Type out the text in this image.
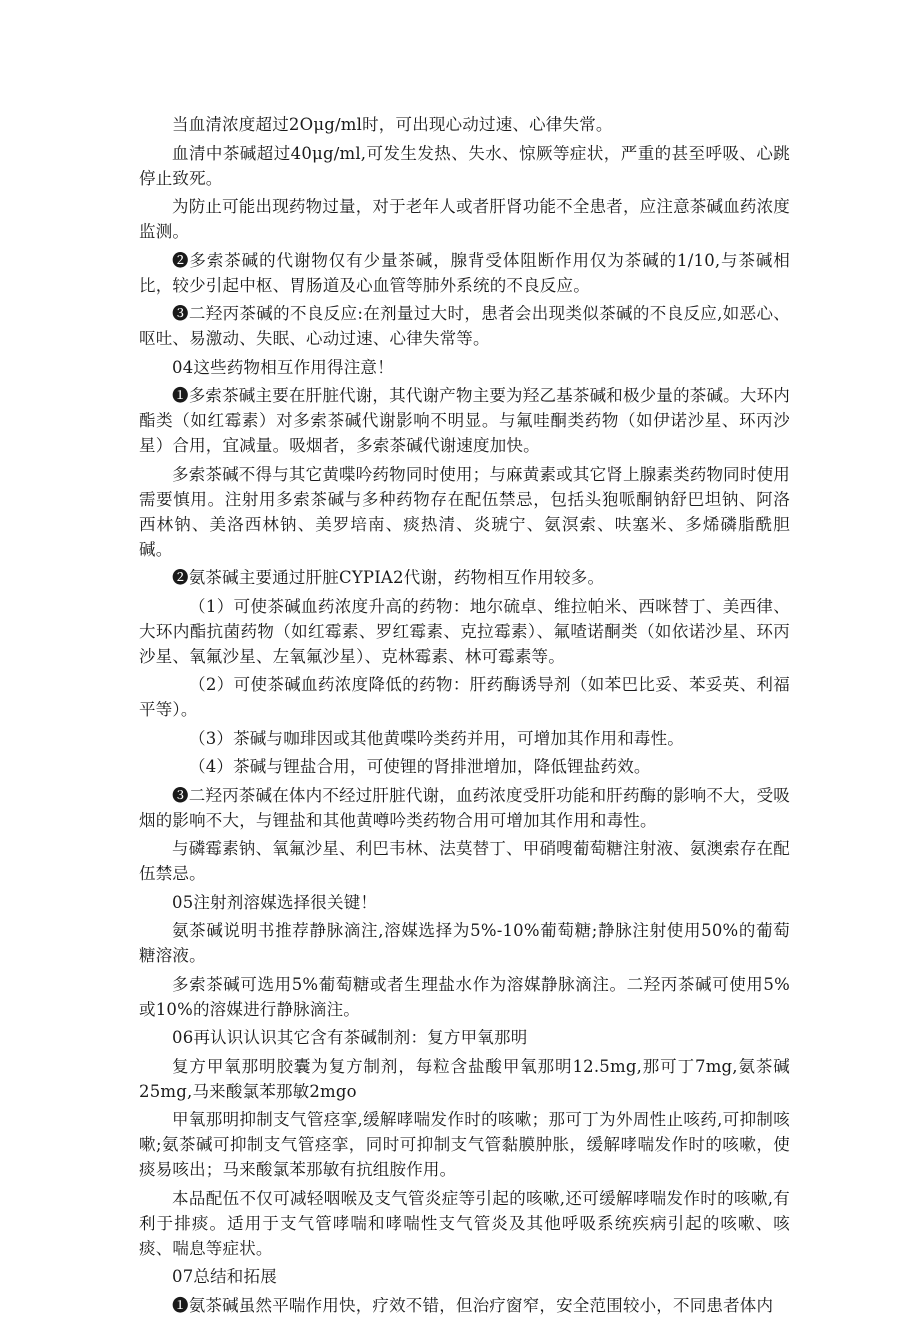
当血清浓度超过2Oμg∕ml时，可出现心动过速、心律失常。

血清中茶碱超过40μg∕ml,可发生发热、失水、惊厥等症状，严重的甚至呼吸、心跳停止致死。

为防止可能出现药物过量，对于老年人或者肝肾功能不全患者，应注意茶碱血药浓度监测。

❷多索茶碱的代谢物仅有少量茶碱，腺背受体阻断作用仅为茶碱的1/10,与茶碱相比，较少引起中枢、胃肠道及心血管等肺外系统的不良反应。

❸二羟丙茶碱的不良反应:在剂量过大时，患者会出现类似茶碱的不良反应,如恶心、呕吐、易激动、失眠、心动过速、心律失常等。

04这些药物相互作用得注意！

❶多索茶碱主要在肝脏代谢，其代谢产物主要为羟乙基茶碱和极少量的茶碱。大环内酯类（如红霉素）对多索茶碱代谢影响不明显。与氟哇酮类药物（如伊诺沙星、环丙沙星）合用，宜减量。吸烟者，多索茶碱代谢速度加快。

多索茶碱不得与其它黄喋吟药物同时使用；与麻黄素或其它肾上腺素类药物同时使用需要慎用。注射用多索茶碱与多种药物存在配伍禁忌，包括头狍哌酮钠舒巴坦钠、阿洛西林钠、美洛西林钠、美罗培南、痰热清、炎琥宁、氨溟索、呋塞米、多烯磷脂酰胆碱。

❷氨茶碱主要通过肝脏CYPIA2代谢，药物相互作用较多。

（1）可使茶碱血药浓度升高的药物：地尔硫卓、维拉帕米、西咪替丁、美西律、大环内酯抗菌药物（如红霉素、罗红霉素、克拉霉素）、氟喳诺酮类（如依诺沙星、环丙沙星、氧氟沙星、左氧氟沙星）、克林霉素、林可霉素等。

（2）可使茶碱血药浓度降低的药物：肝药酶诱导剂（如苯巴比妥、苯妥英、利福平等）。

（3）茶碱与咖琲因或其他黄喋吟类药并用，可增加其作用和毒性。

（4）茶碱与锂盐合用，可使锂的肾排泄增加，降低锂盐药效。

❸二羟丙茶碱在体内不经过肝脏代谢，血药浓度受肝功能和肝药酶的影响不大，受吸烟的影响不大，与锂盐和其他黄噂吟类药物合用可增加其作用和毒性。

与磷霉素钠、氧氟沙星、利巴韦林、法莫替丁、甲硝嗖葡萄糖注射液、氨澳索存在配伍禁忌。

05注射剂溶媒选择很关键！

氨茶碱说明书推荐静脉滴注,溶媒选择为5%-10%葡萄糖;静脉注射使用50%的葡萄糖溶液。

多索茶碱可选用5%葡萄糖或者生理盐水作为溶媒静脉滴注。二羟丙茶碱可使用5%或10%的溶媒进行静脉滴注。

06再认识认识其它含有茶碱制剂：复方甲氧那明

复方甲氧那明胶囊为复方制剂，每粒含盐酸甲氧那明12.5mg,那可丁7mg,氨茶碱25mg,马来酸氯苯那敏2mgo

甲氧那明抑制支气管痉挛,缓解哮喘发作时的咳嗽；那可丁为外周性止咳药,可抑制咳嗽;氨茶碱可抑制支气管痉挛，同时可抑制支气管黏膜肿胀，缓解哮喘发作时的咳嗽，使痰易咳出；马来酸氯苯那敏有抗组胺作用。

本品配伍不仅可减轻咽喉及支气管炎症等引起的咳嗽,还可缓解哮喘发作时的咳嗽,有利于排痰。适用于支气管哮喘和哮喘性支气管炎及其他呼吸系统疾病引起的咳嗽、咳痰、喘息等症状。

07总结和拓展

❶氨茶碱虽然平喘作用快，疗效不错，但治疗窗窄，安全范围较小，不同患者体内
